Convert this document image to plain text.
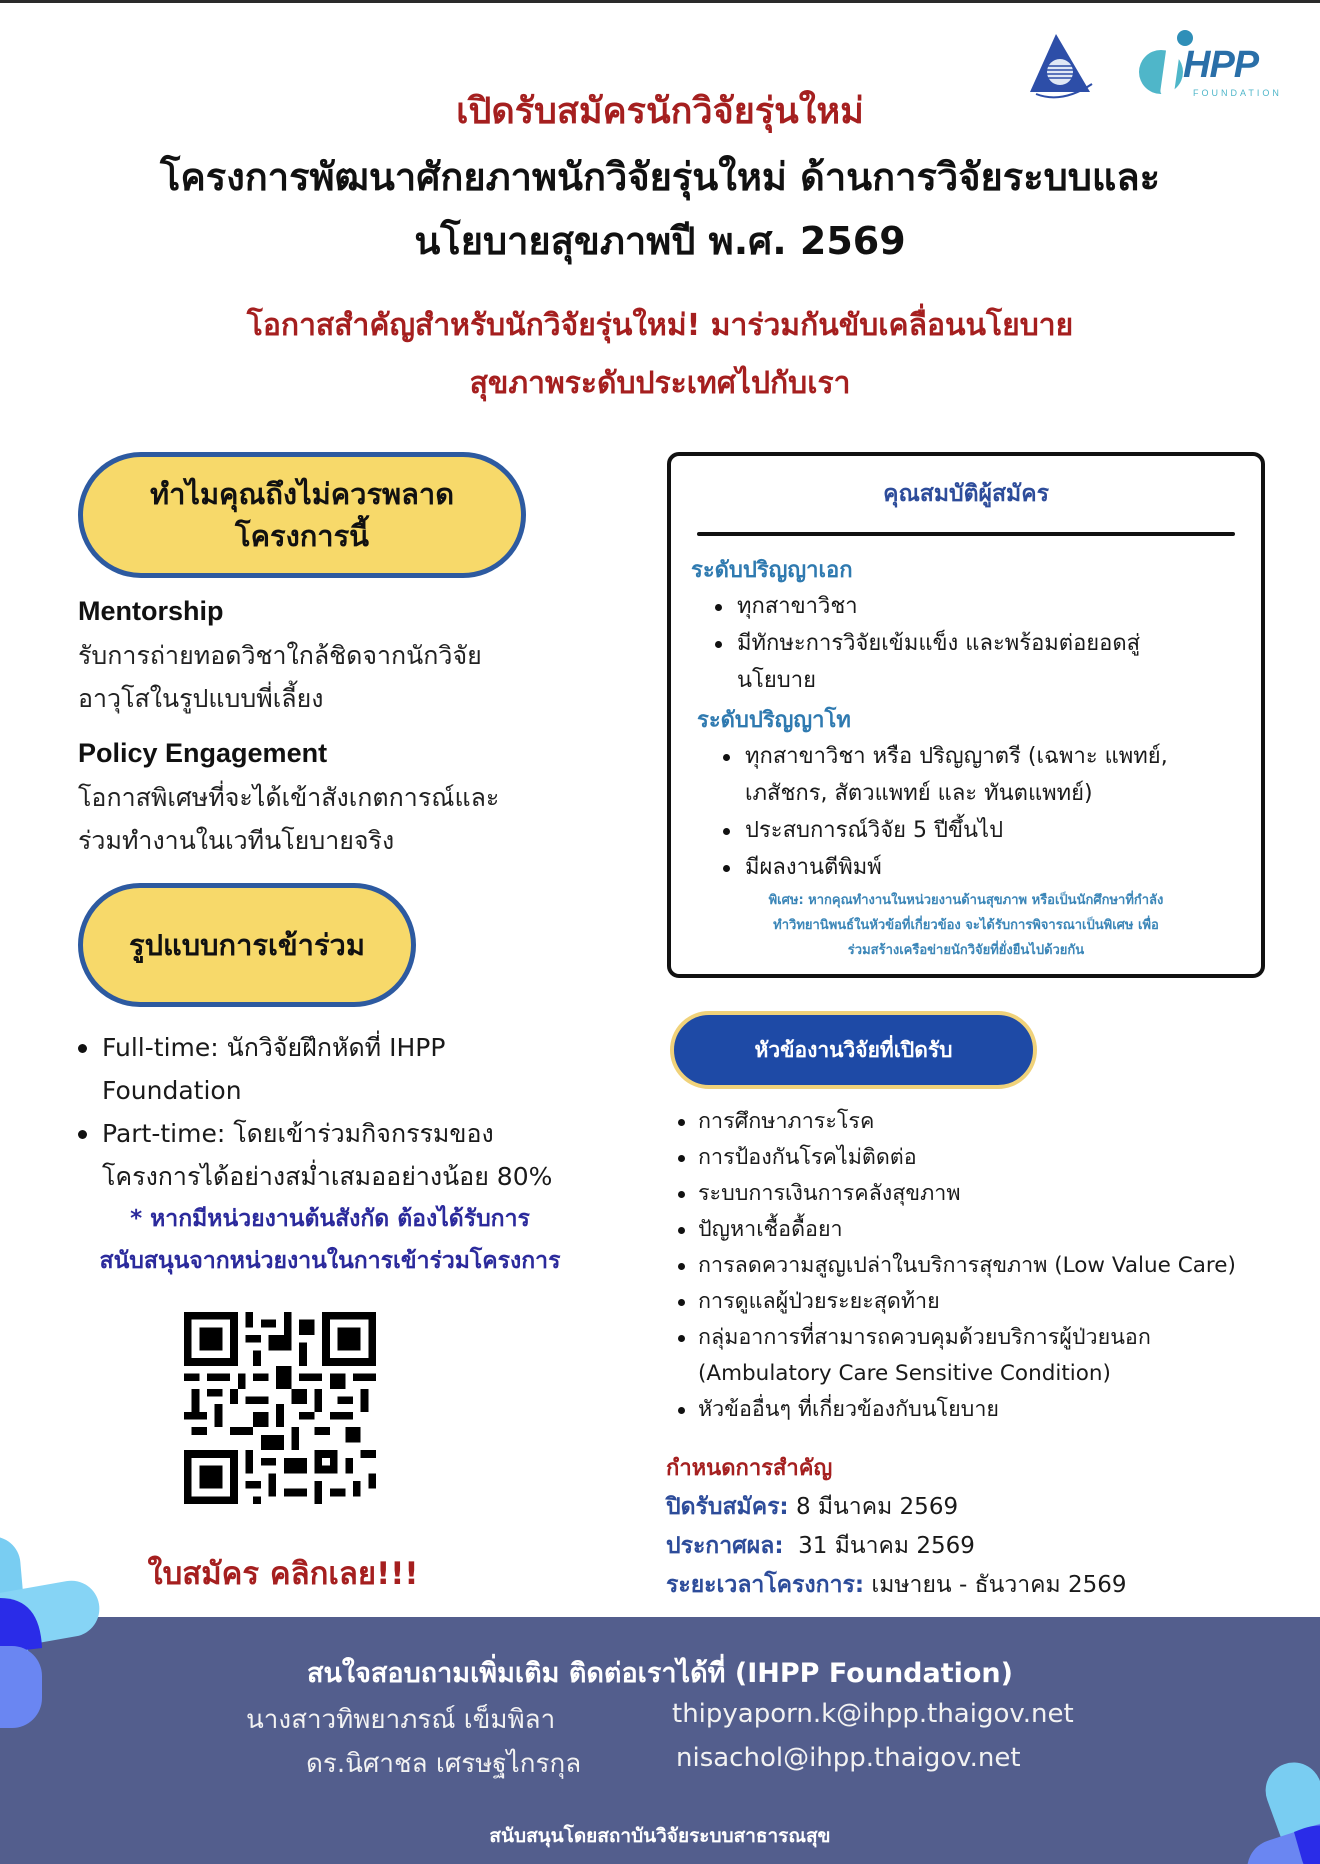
HPP
FOUNDATION
เปิดรับสมัครนักวิจัยรุ่นใหม่
โครงการพัฒนาศักยภาพนักวิจัยรุ่นใหม่ ด้านการวิจัยระบบและ
นโยบายสุขภาพปี พ.ศ. 2569
โอกาสสำคัญสำหรับนักวิจัยรุ่นใหม่! มาร่วมกันขับเคลื่อนนโยบาย
สุขภาพระดับประเทศไปกับเรา
ทำไมคุณถึงไม่ควรพลาด
โครงการนี้
Mentorship
รับการถ่ายทอดวิชาใกล้ชิดจากนักวิจัย
อาวุโสในรูปแบบพี่เลี้ยง
Policy Engagement
โอกาสพิเศษที่จะได้เข้าสังเกตการณ์และ
ร่วมทำงานในเวทีนโยบายจริง
รูปแบบการเข้าร่วม
Full-time: นักวิจัยฝึกหัดที่ IHPP
Foundation
Part-time: โดยเข้าร่วมกิจกรรมของ
โครงการได้อย่างสม่ำเสมออย่างน้อย 80%
* หากมีหน่วยงานต้นสังกัด ต้องได้รับการ
สนับสนุนจากหน่วยงานในการเข้าร่วมโครงการ
ใบสมัคร คลิกเลย!!!
คุณสมบัติผู้สมัคร
ระดับปริญญาเอก
ทุกสาขาวิชา
มีทักษะการวิจัยเข้มแข็ง และพร้อมต่อยอดสู่
นโยบาย
ระดับปริญญาโท
ทุกสาขาวิชา หรือ ปริญญาตรี (เฉพาะ แพทย์,
เภสัชกร, สัตวแพทย์ และ ทันตแพทย์)
ประสบการณ์วิจัย 5 ปีขึ้นไป
มีผลงานตีพิมพ์
พิเศษ: หากคุณทำงานในหน่วยงานด้านสุขภาพ หรือเป็นนักศึกษาที่กำลัง
ทำวิทยานิพนธ์ในหัวข้อที่เกี่ยวข้อง จะได้รับการพิจารณาเป็นพิเศษ เพื่อ
ร่วมสร้างเครือข่ายนักวิจัยที่ยั่งยืนไปด้วยกัน
หัวข้องานวิจัยที่เปิดรับ
การศึกษาภาระโรค
การป้องกันโรคไม่ติดต่อ
ระบบการเงินการคลังสุขภาพ
ปัญหาเชื้อดื้อยา
การลดความสูญเปล่าในบริการสุขภาพ (Low Value Care)
การดูแลผู้ป่วยระยะสุดท้าย
กลุ่มอาการที่สามารถควบคุมด้วยบริการผู้ป่วยนอก
(Ambulatory Care Sensitive Condition)
หัวข้ออื่นๆ ที่เกี่ยวข้องกับนโยบาย
กำหนดการสำคัญ
ปิดรับสมัคร: 8 มีนาคม 2569
ประกาศผล:  31 มีนาคม 2569
ระยะเวลาโครงการ: เมษายน - ธันวาคม 2569
สนใจสอบถามเพิ่มเติม ติดต่อเราได้ที่ (IHPP Foundation)
นางสาวทิพยาภรณ์ เข็มพิลา	thipyaporn.k@ihpp.thaigov.net
ดร.นิศาชล เศรษฐไกรกุล	nisachol@ihpp.thaigov.net
สนับสนุนโดยสถาบันวิจัยระบบสาธารณสุข
